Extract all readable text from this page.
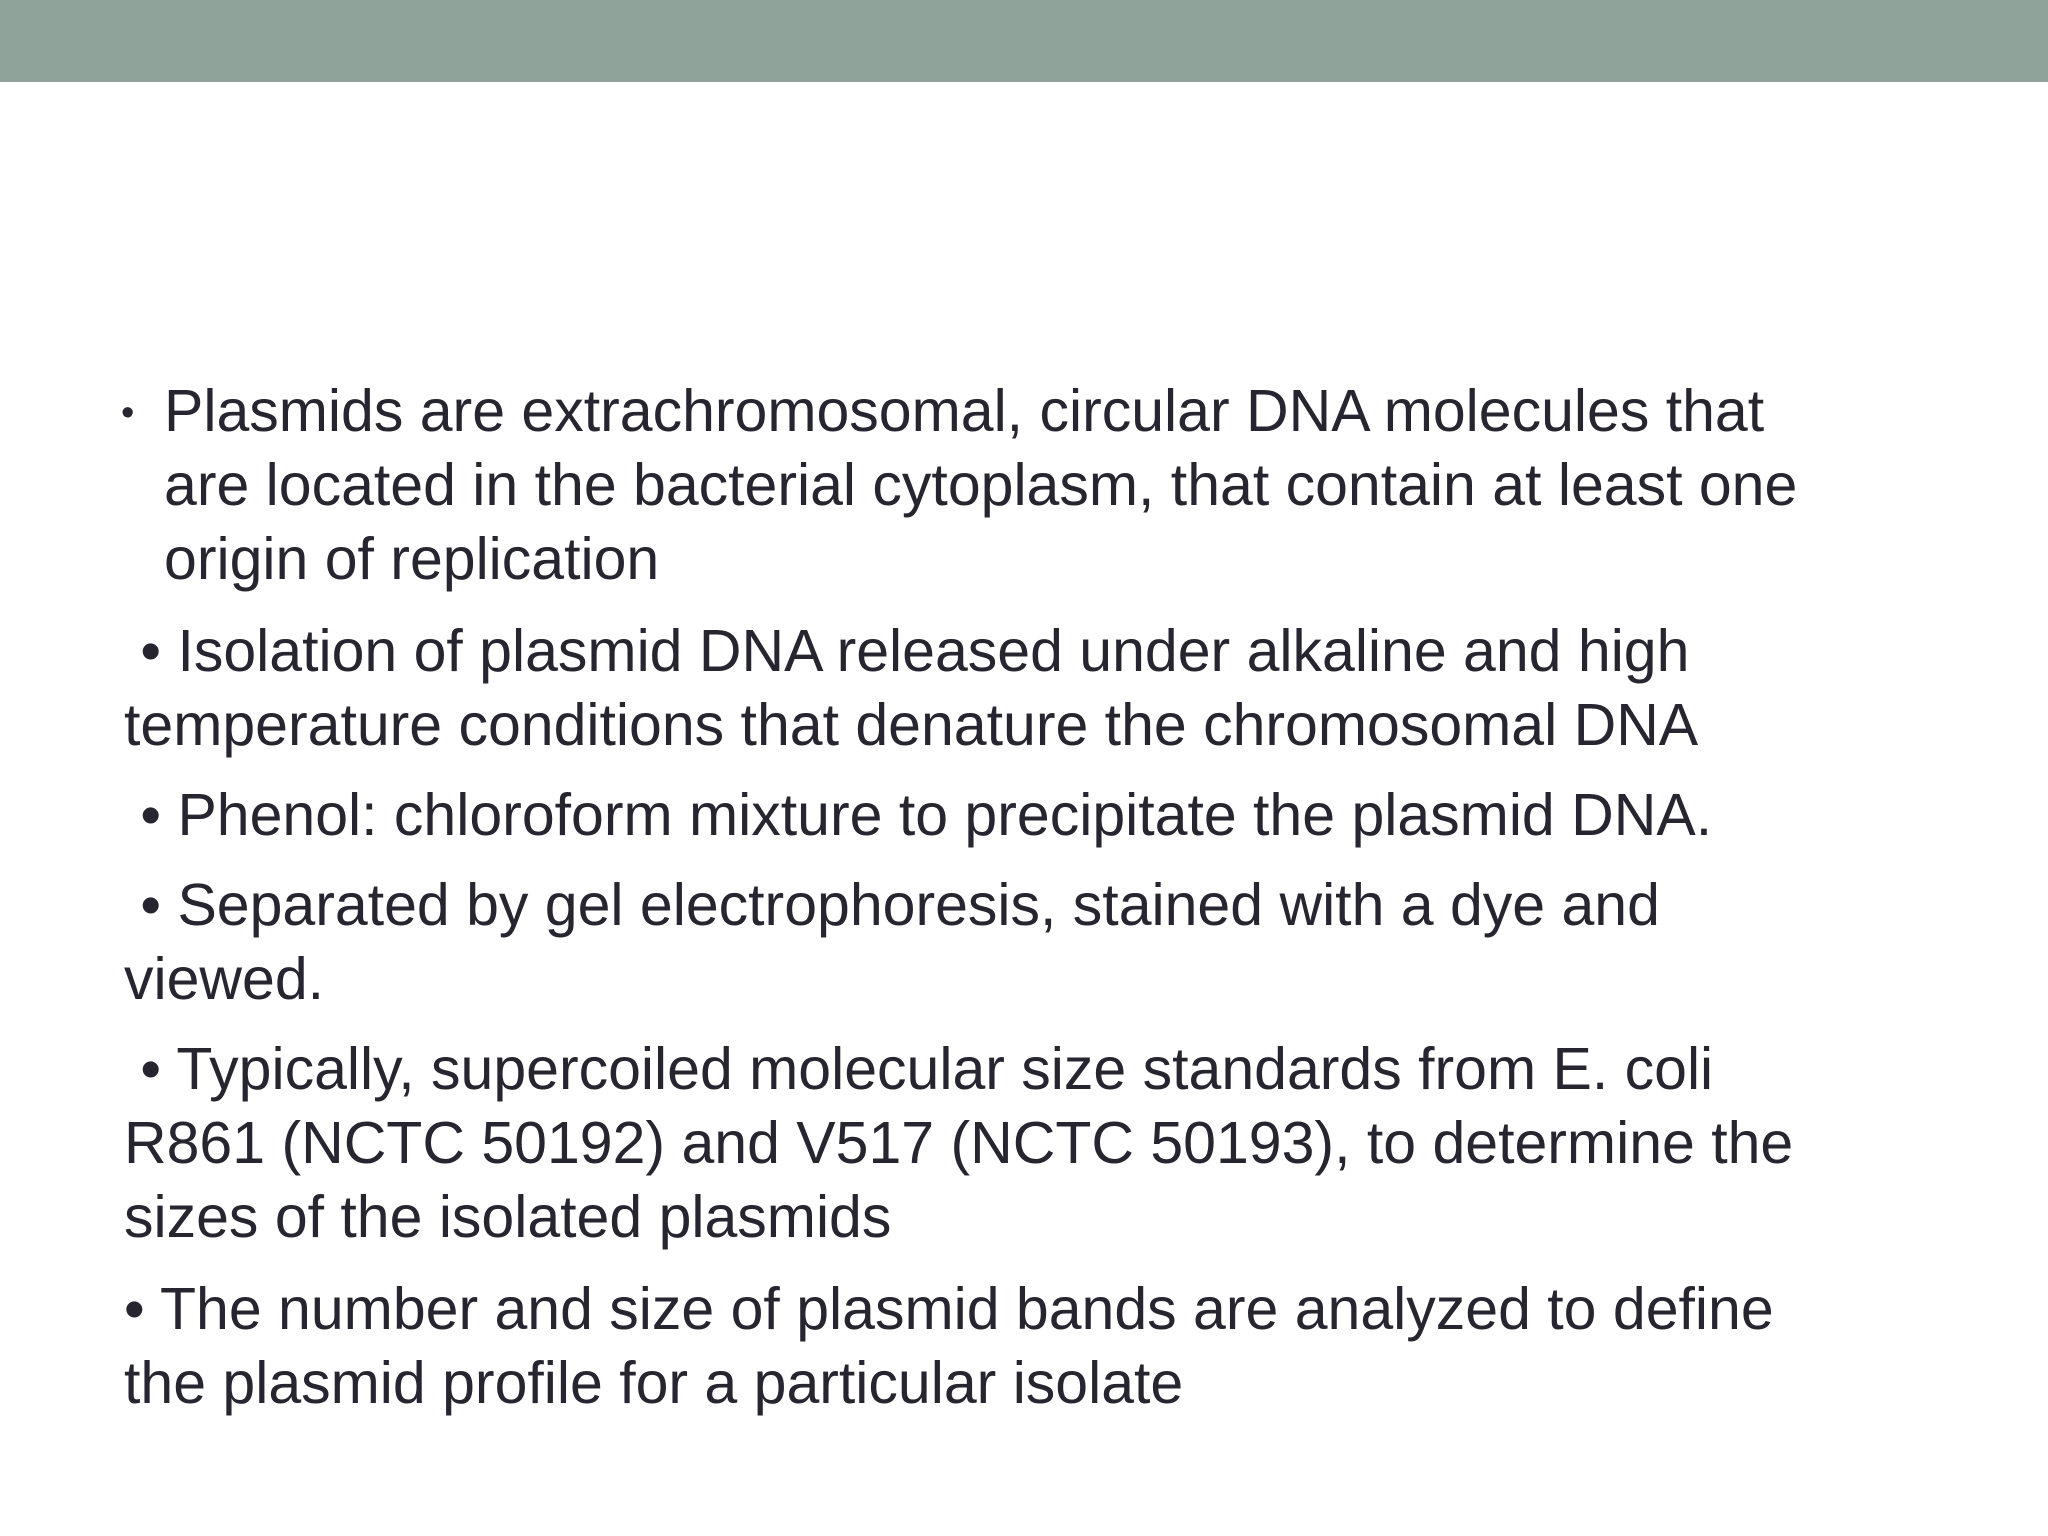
• Plasmids are extrachromosomal, circular DNA molecules that
are located in the bacterial cytoplasm, that contain at least one
origin of replication
• Isolation of plasmid DNA released under alkaline and high
temperature conditions that denature the chromosomal DNA
• Phenol: chloroform mixture to precipitate the plasmid DNA.
• Separated by gel electrophoresis, stained with a dye and
viewed.
• Typically, supercoiled molecular size standards from E. coli
R861 (NCTC 50192) and V517 (NCTC 50193), to determine the
sizes of the isolated plasmids
• The number and size of plasmid bands are analyzed to define
the plasmid profile for a particular isolate
